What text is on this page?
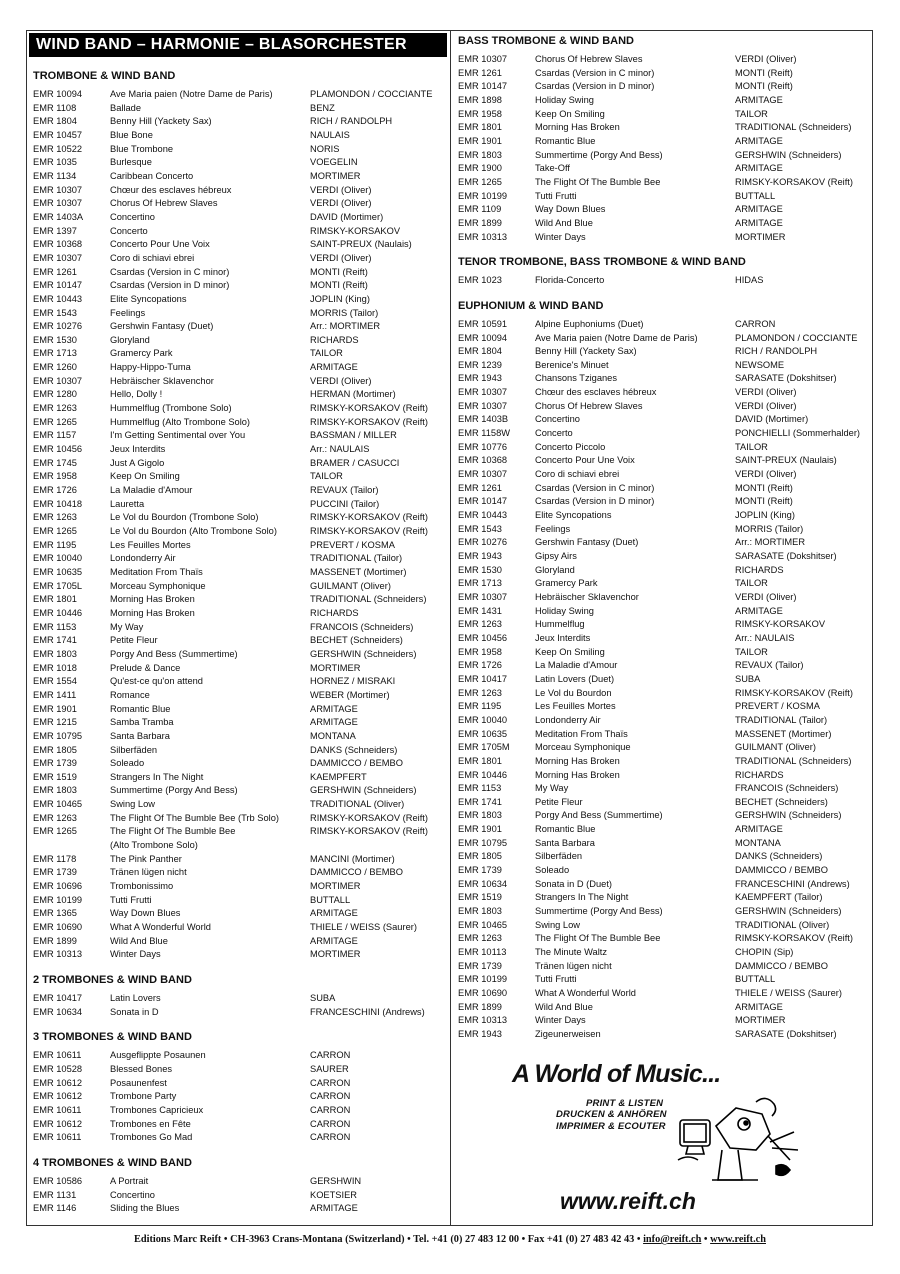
WIND BAND – HARMONIE – BLASORCHESTER
TROMBONE & WIND BAND
EMR 10094	Ave Maria paien (Notre Dame de Paris)	PLAMONDON / COCCIANTE
EMR 1108	Ballade	BENZ
EMR 1804	Benny Hill (Yackety Sax)	RICH / RANDOLPH
EMR 10457	Blue Bone	NAULAIS
EMR 10522	Blue Trombone	NORIS
EMR 1035	Burlesque	VOEGELIN
EMR 1134	Caribbean Concerto	MORTIMER
EMR 10307	Chœur des esclaves hébreux	VERDI (Oliver)
EMR 10307	Chorus Of Hebrew Slaves	VERDI (Oliver)
EMR 1403A	Concertino	DAVID (Mortimer)
EMR 1397	Concerto	RIMSKY-KORSAKOV
EMR 10368	Concerto Pour Une Voix	SAINT-PREUX (Naulais)
EMR 10307	Coro di schiavi ebrei	VERDI (Oliver)
EMR 1261	Csardas (Version in C minor)	MONTI (Reift)
EMR 10147	Csardas (Version in D minor)	MONTI (Reift)
EMR 10443	Elite Syncopations	JOPLIN (King)
EMR 1543	Feelings	MORRIS (Tailor)
EMR 10276	Gershwin Fantasy (Duet)	Arr.: MORTIMER
EMR 1530	Gloryland	RICHARDS
EMR 1713	Gramercy Park	TAILOR
EMR 1260	Happy-Hippo-Tuma	ARMITAGE
EMR 10307	Hebräischer Sklavenchor	VERDI (Oliver)
EMR 1280	Hello, Dolly !	HERMAN (Mortimer)
EMR 1263	Hummelflug (Trombone Solo)	RIMSKY-KORSAKOV (Reift)
EMR 1265	Hummelflug (Alto Trombone Solo)	RIMSKY-KORSAKOV (Reift)
EMR 1157	I'm Getting Sentimental over You	BASSMAN / MILLER
EMR 10456	Jeux Interdits	Arr.: NAULAIS
EMR 1745	Just A Gigolo	BRAMER / CASUCCI
EMR 1958	Keep On Smiling	TAILOR
EMR 1726	La Maladie d'Amour	REVAUX (Tailor)
EMR 10418	Lauretta	PUCCINI (Tailor)
EMR 1263	Le Vol du Bourdon (Trombone Solo)	RIMSKY-KORSAKOV (Reift)
EMR 1265	Le Vol du Bourdon (Alto Trombone Solo)	RIMSKY-KORSAKOV (Reift)
EMR 1195	Les Feuilles Mortes	PREVERT / KOSMA
EMR 10040	Londonderry Air	TRADITIONAL (Tailor)
EMR 10635	Meditation From Thaïs	MASSENET (Mortimer)
EMR 1705L	Morceau Symphonique	GUILMANT (Oliver)
EMR 1801	Morning Has Broken	TRADITIONAL (Schneiders)
EMR 10446	Morning Has Broken	RICHARDS
EMR 1153	My Way	FRANCOIS (Schneiders)
EMR 1741	Petite Fleur	BECHET (Schneiders)
EMR 1803	Porgy And Bess (Summertime)	GERSHWIN (Schneiders)
EMR 1018	Prelude & Dance	MORTIMER
EMR 1554	Qu'est-ce qu'on attend	HORNEZ / MISRAKI
EMR 1411	Romance	WEBER (Mortimer)
EMR 1901	Romantic Blue	ARMITAGE
EMR 1215	Samba Tramba	ARMITAGE
EMR 10795	Santa Barbara	MONTANA
EMR 1805	Silberfäden	DANKS (Schneiders)
EMR 1739	Soleado	DAMMICCO / BEMBO
EMR 1519	Strangers In The Night	KAEMPFERT
EMR 1803	Summertime (Porgy And Bess)	GERSHWIN (Schneiders)
EMR 10465	Swing Low	TRADITIONAL (Oliver)
EMR 1263	The Flight Of The Bumble Bee (Trb Solo)	RIMSKY-KORSAKOV (Reift)
EMR 1265	The Flight Of The Bumble Bee	RIMSKY-KORSAKOV (Reift)
(Alto Trombone Solo)
EMR 1178	The Pink Panther	MANCINI (Mortimer)
EMR 1739	Tränen lügen nicht	DAMMICCO / BEMBO
EMR 10696	Trombonissimo	MORTIMER
EMR 10199	Tutti Frutti	BUTTALL
EMR 1365	Way Down Blues	ARMITAGE
EMR 10690	What A Wonderful World	THIELE / WEISS (Saurer)
EMR 1899	Wild And Blue	ARMITAGE
EMR 10313	Winter Days	MORTIMER
2 TROMBONES & WIND BAND
EMR 10417	Latin Lovers	SUBA
EMR 10634	Sonata in D	FRANCESCHINI (Andrews)
3 TROMBONES & WIND BAND
EMR 10611	Ausgeflippte Posaunen	CARRON
EMR 10528	Blessed Bones	SAURER
EMR 10612	Posaunenfest	CARRON
EMR 10612	Trombone Party	CARRON
EMR 10611	Trombones Capricieux	CARRON
EMR 10612	Trombones en Fête	CARRON
EMR 10611	Trombones Go Mad	CARRON
4 TROMBONES & WIND BAND
EMR 10586	A Portrait	GERSHWIN
EMR 1131	Concertino	KOETSIER
EMR 1146	Sliding the Blues	ARMITAGE
BASS TROMBONE & WIND BAND
EMR 10307	Chorus Of Hebrew Slaves	VERDI (Oliver)
EMR 1261	Csardas (Version in C minor)	MONTI (Reift)
EMR 10147	Csardas (Version in D minor)	MONTI (Reift)
EMR 1898	Holiday Swing	ARMITAGE
EMR 1958	Keep On Smiling	TAILOR
EMR 1801	Morning Has Broken	TRADITIONAL (Schneiders)
EMR 1901	Romantic Blue	ARMITAGE
EMR 1803	Summertime (Porgy And Bess)	GERSHWIN (Schneiders)
EMR 1900	Take-Off	ARMITAGE
EMR 1265	The Flight Of The Bumble Bee	RIMSKY-KORSAKOV (Reift)
EMR 10199	Tutti Frutti	BUTTALL
EMR 1109	Way Down Blues	ARMITAGE
EMR 1899	Wild And Blue	ARMITAGE
EMR 10313	Winter Days	MORTIMER
TENOR TROMBONE, BASS TROMBONE & WIND BAND
EMR 1023	Florida-Concerto	HIDAS
EUPHONIUM & WIND BAND
EMR 10591	Alpine Euphoniums (Duet)	CARRON
EMR 10094	Ave Maria paien (Notre Dame de Paris)	PLAMONDON / COCCIANTE
EMR 1804	Benny Hill (Yackety Sax)	RICH / RANDOLPH
EMR 1239	Berenice's Minuet	NEWSOME
EMR 1943	Chansons Tziganes	SARASATE (Dokshitser)
EMR 10307	Chœur des esclaves hébreux	VERDI (Oliver)
EMR 10307	Chorus Of Hebrew Slaves	VERDI (Oliver)
EMR 1403B	Concertino	DAVID (Mortimer)
EMR 1158W	Concerto	PONCHIELLI (Sommerhalder)
EMR 10776	Concerto Piccolo	TAILOR
EMR 10368	Concerto Pour Une Voix	SAINT-PREUX (Naulais)
EMR 10307	Coro di schiavi ebrei	VERDI (Oliver)
EMR 1261	Csardas (Version in C minor)	MONTI (Reift)
EMR 10147	Csardas (Version in D minor)	MONTI (Reift)
EMR 10443	Elite Syncopations	JOPLIN (King)
EMR 1543	Feelings	MORRIS (Tailor)
EMR 10276	Gershwin Fantasy (Duet)	Arr.: MORTIMER
EMR 1943	Gipsy Airs	SARASATE (Dokshitser)
EMR 1530	Gloryland	RICHARDS
EMR 1713	Gramercy Park	TAILOR
EMR 10307	Hebräischer Sklavenchor	VERDI (Oliver)
EMR 1431	Holiday Swing	ARMITAGE
EMR 1263	Hummelflug	RIMSKY-KORSAKOV
EMR 10456	Jeux Interdits	Arr.: NAULAIS
EMR 1958	Keep On Smiling	TAILOR
EMR 1726	La Maladie d'Amour	REVAUX (Tailor)
EMR 10417	Latin Lovers (Duet)	SUBA
EMR 1263	Le Vol du Bourdon	RIMSKY-KORSAKOV (Reift)
EMR 1195	Les Feuilles Mortes	PREVERT / KOSMA
EMR 10040	Londonderry Air	TRADITIONAL (Tailor)
EMR 10635	Meditation From Thaïs	MASSENET (Mortimer)
EMR 1705M	Morceau Symphonique	GUILMANT (Oliver)
EMR 1801	Morning Has Broken	TRADITIONAL (Schneiders)
EMR 10446	Morning Has Broken	RICHARDS
EMR 1153	My Way	FRANCOIS (Schneiders)
EMR 1741	Petite Fleur	BECHET (Schneiders)
EMR 1803	Porgy And Bess (Summertime)	GERSHWIN (Schneiders)
EMR 1901	Romantic Blue	ARMITAGE
EMR 10795	Santa Barbara	MONTANA
EMR 1805	Silberfäden	DANKS (Schneiders)
EMR 1739	Soleado	DAMMICCO / BEMBO
EMR 10634	Sonata in D (Duet)	FRANCESCHINI (Andrews)
EMR 1519	Strangers In The Night	KAEMPFERT (Tailor)
EMR 1803	Summertime (Porgy And Bess)	GERSHWIN (Schneiders)
EMR 10465	Swing Low	TRADITIONAL (Oliver)
EMR 1263	The Flight Of The Bumble Bee	RIMSKY-KORSAKOV (Reift)
EMR 10113	The Minute Waltz	CHOPIN (Sip)
EMR 1739	Tränen lügen nicht	DAMMICCO / BEMBO
EMR 10199	Tutti Frutti	BUTTALL
EMR 10690	What A Wonderful World	THIELE / WEISS (Saurer)
EMR 1899	Wild And Blue	ARMITAGE
EMR 10313	Winter Days	MORTIMER
EMR 1943	Zigeunerweisen	SARASATE (Dokshitser)
A World of Music...
PRINT & LISTEN
DRUCKEN & ANHÖREN
IMPRIMER & ECOUTER
www.reift.ch
Editions Marc Reift • CH-3963 Crans-Montana (Switzerland) • Tel. +41 (0) 27 483 12 00 • Fax +41 (0) 27 483 42 43 • info@reift.ch • www.reift.ch
